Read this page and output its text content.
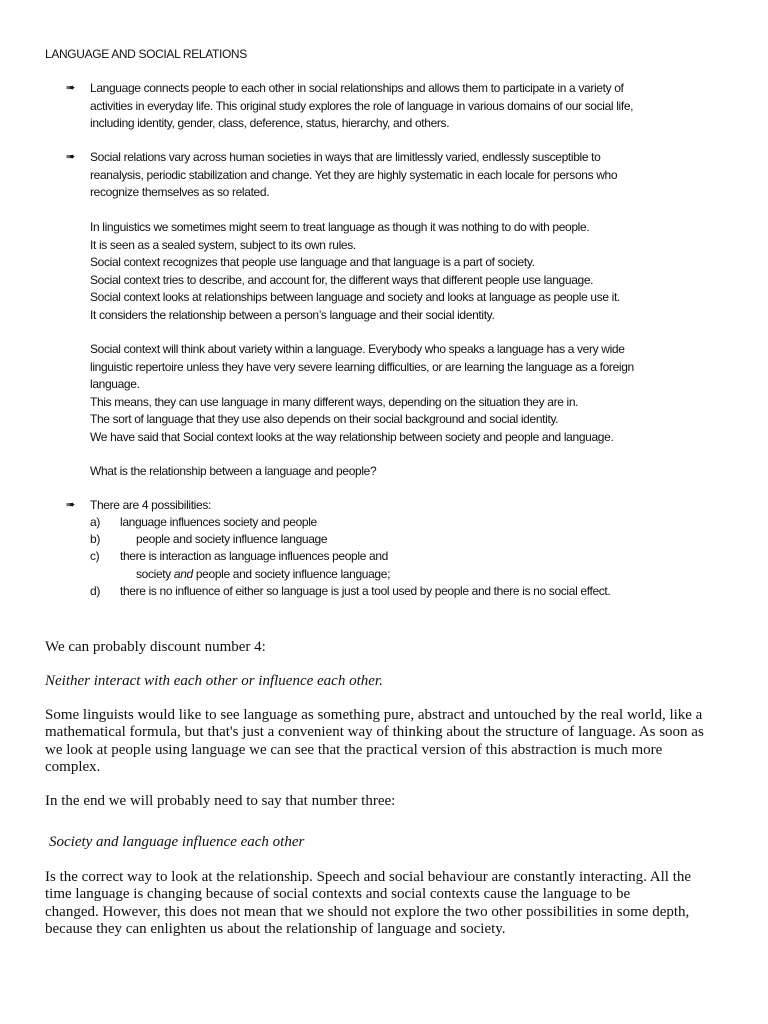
LANGUAGE AND SOCIAL RELATIONS
➠ Language connects people to each other in social relationships and allows them to participate in a variety of
activities in everyday life. This original study explores the role of language in various domains of our social life,
including identity, gender, class, deference, status, hierarchy, and others.
➠ Social relations vary across human societies in ways that are limitlessly varied, endlessly susceptible to
reanalysis, periodic stabilization and change. Yet they are highly systematic in each locale for persons who
recognize themselves as so related.
In linguistics we sometimes might seem to treat language as though it was nothing to do with people.
It is seen as a sealed system, subject to its own rules.
Social context recognizes that people use language and that language is a part of society.
Social context tries to describe, and account for, the different ways that different people use language.
Social context looks at relationships between language and society and looks at language as people use it.
It considers the relationship between a person’s language and their social identity.
Social context will think about variety within a language. Everybody who speaks a language has a very wide
linguistic repertoire unless they have very severe learning difficulties, or are learning the language as a foreign
language.
This means, they can use language in many different ways, depending on the situation they are in.
The sort of language that they use also depends on their social background and social identity.
We have said that Social context looks at the way relationship between society and people and language.
What is the relationship between a language and people?
➠ There are 4 possibilities:
a) language influences society and people
b)	people and society influence language
c) there is interaction as language influences people and
society and people and society influence language;
d) there is no influence of either so language is just a tool used by people and there is no social effect.
We can probably discount number 4:
Neither interact with each other or influence each other.
Some linguists would like to see language as something pure, abstract and untouched by the real world, like a
mathematical formula, but that's just a convenient way of thinking about the structure of language. As soon as
we look at people using language we can see that the practical version of this abstraction is much more
complex.
In the end we will probably need to say that number three:
Society and language influence each other
Is the correct way to look at the relationship. Speech and social behaviour are constantly interacting. All the
time language is changing because of social contexts and social contexts cause the language to be
changed. However, this does not mean that we should not explore the two other possibilities in some depth,
because they can enlighten us about the relationship of language and society.
